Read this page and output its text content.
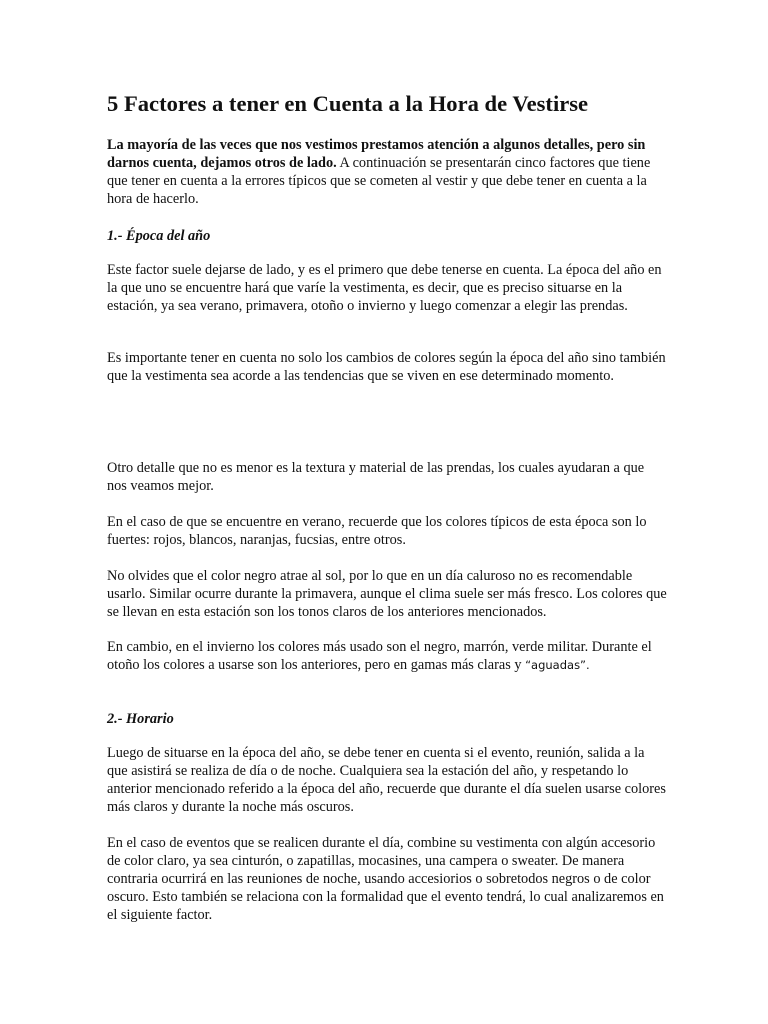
5 Factores a tener en Cuenta a la Hora de Vestirse

La mayoría de las veces que nos vestimos prestamos atención a algunos detalles, pero sin darnos cuenta, dejamos otros de lado. A continuación se presentarán cinco factores que tiene que tener en cuenta a la errores típicos que se cometen al vestir y que debe tener en cuenta a la hora de hacerlo.

1.- Época del año

Este factor suele dejarse de lado, y es el primero que debe tenerse en cuenta. La época del año en la que uno se encuentre hará que varíe la vestimenta, es decir, que es preciso situarse en la estación, ya sea verano, primavera, otoño o invierno y luego comenzar a elegir las prendas.

Es importante tener en cuenta no solo los cambios de colores según la época del año sino también que la vestimenta sea acorde a las tendencias que se viven en ese determinado momento.

Otro detalle que no es menor es la textura y material de las prendas, los cuales ayudaran a que nos veamos mejor.

En el caso de que se encuentre en verano, recuerde que los colores típicos de esta época son lo fuertes: rojos, blancos, naranjas, fucsias, entre otros.

No olvides que el color negro atrae al sol, por lo que en un día caluroso no es recomendable usarlo. Similar ocurre durante la primavera, aunque el clima suele ser más fresco. Los colores que se llevan en esta estación son los tonos claros de los anteriores mencionados.

En cambio, en el invierno los colores más usado son el negro, marrón, verde militar. Durante el otoño los colores a usarse son los anteriores, pero en gamas más claras y “aguadas”.

2.- Horario

Luego de situarse en la época del año, se debe tener en cuenta si el evento, reunión, salida a la que asistirá se realiza de día o de noche. Cualquiera sea la estación del año, y respetando lo anterior mencionado referido a la época del año, recuerde que durante el día suelen usarse colores más claros y durante la noche más oscuros.

En el caso de eventos que se realicen durante el día, combine su vestimenta con algún accesorio de color claro, ya sea cinturón, o zapatillas, mocasines, una campera o sweater. De manera contraria ocurrirá en las reuniones de noche, usando accesiorios o sobretodos negros o de color oscuro. Esto también se relaciona con la formalidad que el evento tendrá, lo cual analizaremos en el siguiente factor.
